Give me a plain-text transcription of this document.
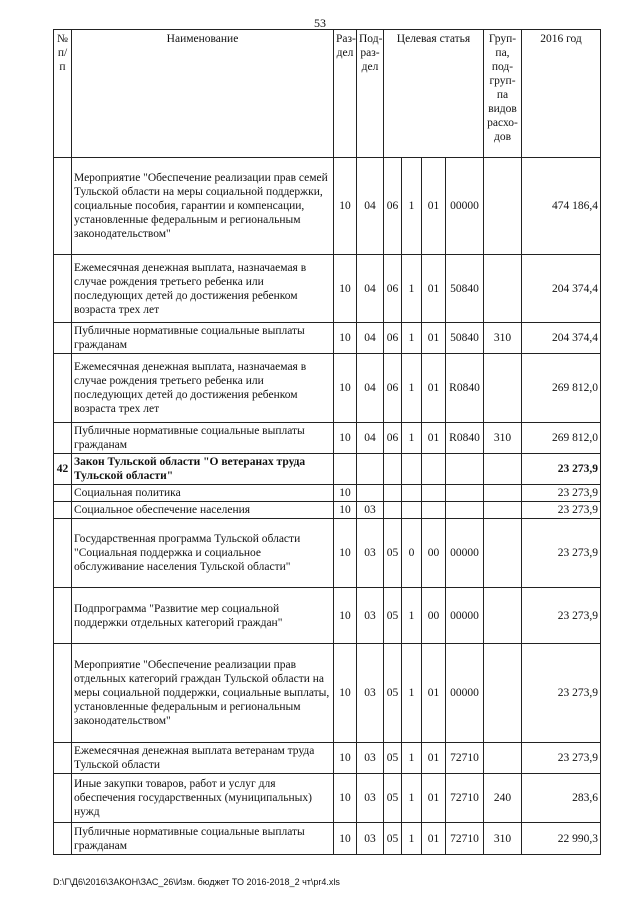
53
№ п/п	Наименование	Раз-дел	Под-раз-дел	Целевая статья				Груп-па, под-груп-па видов расхо-дов	2016 год
	Мероприятие "Обеспечение реализации прав семей Тульской области на меры социальной поддержки, социальные пособия, гарантии и компенсации, установленные федеральным и региональным законодательством"	10	04	06	1	01	00000		474 186,4
	Ежемесячная денежная выплата, назначаемая в случае рождения третьего ребенка или последующих детей до достижения ребенком возраста трех лет	10	04	06	1	01	50840		204 374,4
	Публичные нормативные социальные выплаты гражданам	10	04	06	1	01	50840	310	204 374,4
	Ежемесячная денежная выплата, назначаемая в случае рождения третьего ребенка или последующих детей до достижения ребенком возраста трех лет	10	04	06	1	01	R0840		269 812,0
	Публичные нормативные социальные выплаты гражданам	10	04	06	1	01	R0840	310	269 812,0
42	Закон Тульской области "О ветеранах труда Тульской области"								23 273,9
	Социальная политика	10							23 273,9
	Социальное обеспечение населения	10	03						23 273,9
	Государственная программа Тульской области "Социальная поддержка и социальное обслуживание населения Тульской области"	10	03	05	0	00	00000		23 273,9
	Подпрограмма "Развитие мер социальной поддержки отдельных категорий граждан"	10	03	05	1	00	00000		23 273,9
	Мероприятие "Обеспечение реализации прав отдельных категорий граждан Тульской области на меры социальной поддержки, социальные выплаты, установленные федеральным и региональным законодательством"	10	03	05	1	01	00000		23 273,9
	Ежемесячная денежная выплата ветеранам труда Тульской области	10	03	05	1	01	72710		23 273,9
	Иные закупки товаров, работ и услуг для обеспечения государственных (муниципальных) нужд	10	03	05	1	01	72710	240	283,6
	Публичные нормативные социальные выплаты гражданам	10	03	05	1	01	72710	310	22 990,3
D:\Г\Д6\2016\ЗАКОН\ЗАС_26\Изм. бюджет ТО 2016-2018_2 чт\pr4.xls
